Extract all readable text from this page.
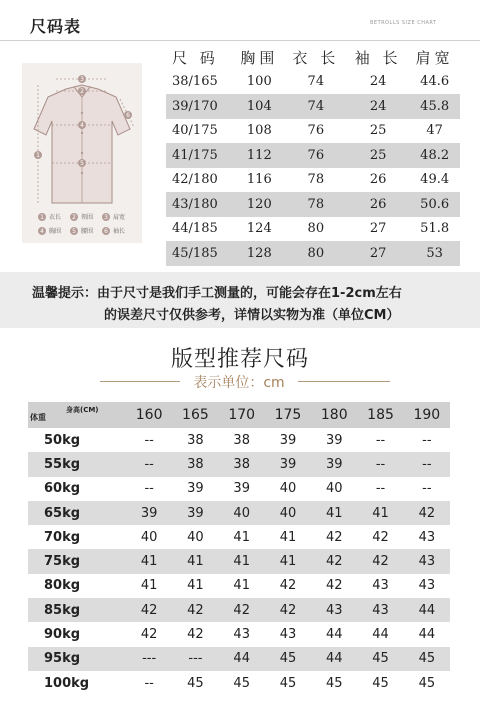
尺码表	BETROLLS SIZE CHART
1
2
3
4
5
6
1 衣长 2 领围 3 肩宽
4 胸围 5 腰围 6 袖长
尺 码	胸围	衣 长	袖 长	肩宽
38/165	100	74	24	44.6
39/170	104	74	24	45.8
40/175	108	76	25	47
41/175	112	76	25	48.2
42/180	116	78	26	49.4
43/180	120	78	26	50.6
44/185	124	80	27	51.8
45/185	128	80	27	53
温馨提示：由于尺寸是我们手工测量的，可能会存在1-2cm左右
的误差尺寸仅供参考，详情以实物为准（单位CM）
版型推荐尺码
表示单位：cm
身高(CM)
体重	160	165	170	175	180	185	190
50kg	--	38	38	39	39	--	--
55kg	--	38	38	39	39	--	--
60kg	--	39	39	40	40	--	--
65kg	39	39	40	40	41	41	42
70kg	40	40	41	41	42	42	43
75kg	41	41	41	41	42	42	43
80kg	41	41	41	42	42	43	43
85kg	42	42	42	42	43	43	44
90kg	42	42	43	43	44	44	44
95kg	---	---	44	45	44	45	45
100kg	--	45	45	45	45	45	45
